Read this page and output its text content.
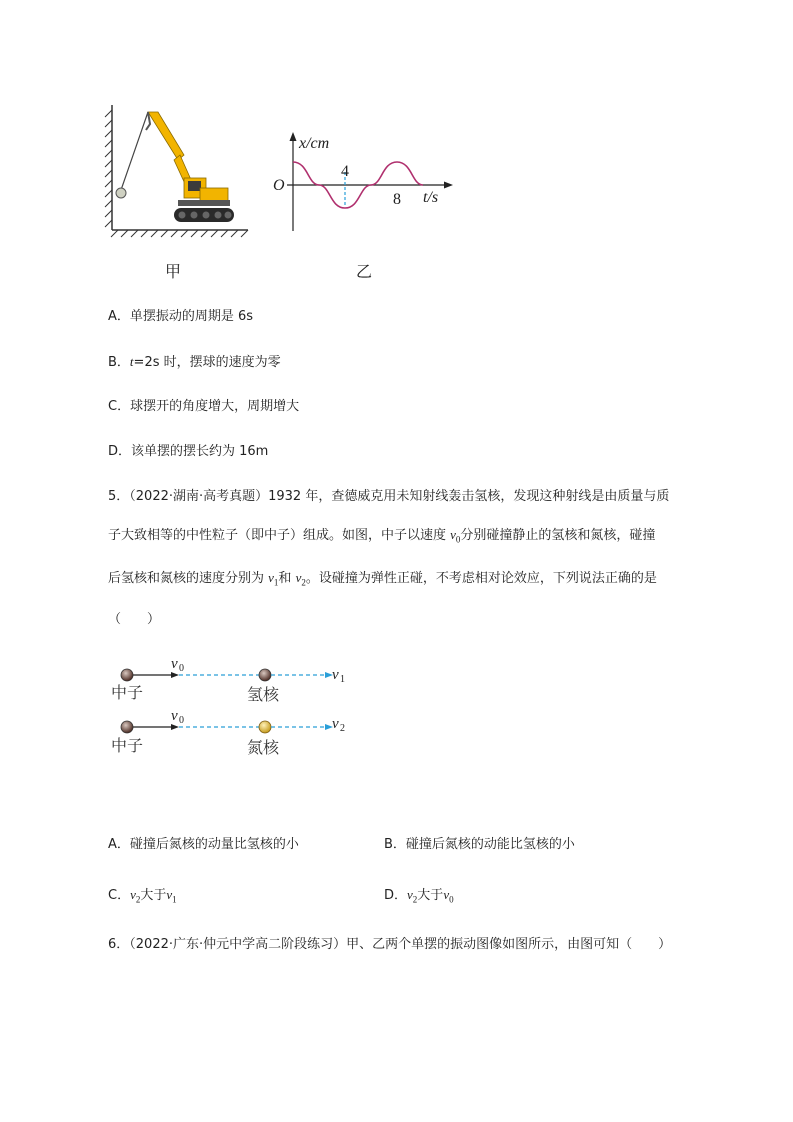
x/cm
O
4
8 t/s
甲	乙
A．单摆振动的周期是 6s
B．t=2s 时，摆球的速度为零
C．球摆开的角度增大，周期增大
D．该单摆的摆长约为 16m
5．（2022·湖南·高考真题）1932 年，查德威克用未知射线轰击氢核，发现这种射线是由质量与质
子大致相等的中性粒子（即中子）组成。如图，中子以速度 $v_0$分别碰撞静止的氢核和氮核，碰撞
后氢核和氮核的速度分别为 $v_1$和 $v_2$。设碰撞为弹性正碰，不考虑相对论效应，下列说法正确的是
（　　）
v 0	v 1
中子	氢核
v 0	v 2
中子	氮核
A．碰撞后氮核的动量比氢核的小	B．碰撞后氮核的动能比氢核的小
C．$v_2$大于$v_1$	D．$v_2$大于$v_0$
6．（2022·广东·仲元中学高二阶段练习）甲、乙两个单摆的振动图像如图所示，由图可知（　　）
